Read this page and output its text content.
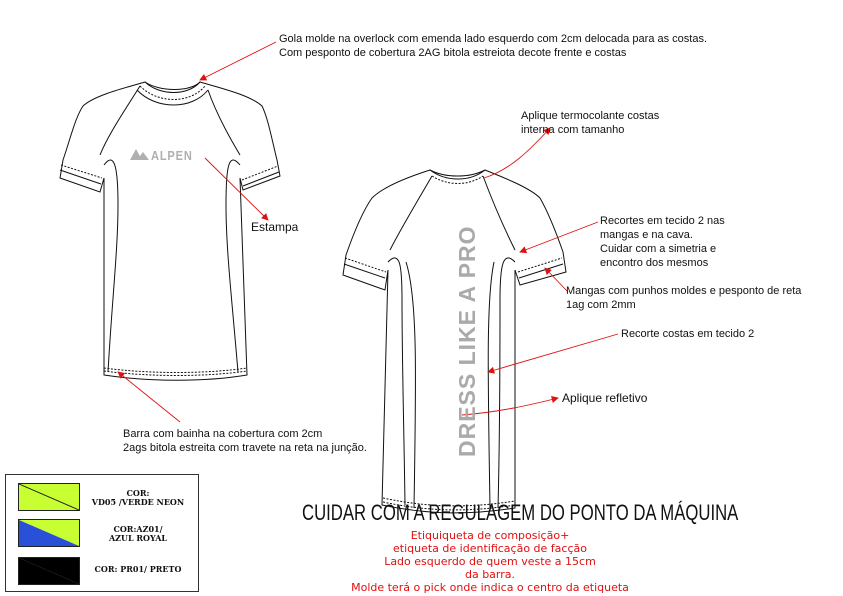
ALPEN
DRESS LIKE A PRO
Gola molde na overlock com emenda lado esquerdo com 2cm delocada para as costas.
Com pesponto de cobertura 2AG bitola estreiota decote frente e costas
Estampa
Aplique termocolante costas
interna com tamanho
Recortes em tecido 2 nas
mangas e na cava.
Cuidar com a simetria e
encontro dos mesmos
Mangas com punhos moldes e pesponto de reta
1ag com 2mm
Recorte costas em tecido 2
Aplique refletivo
Barra com bainha na cobertura com 2cm
2ags bitola estreita com travete na reta na junção.
COR:
VD05 /VERDE NEON
COR:AZ01/
AZUL ROYAL
COR: PR01/ PRETO
CUIDAR COM A REGULAGEM DO PONTO DA MÁQUINA
Etiquiqueta de composição+
etiqueta de identificação de facção
Lado esquerdo de quem veste a 15cm
da barra.
Molde terá o pick onde indica o centro da etiqueta
